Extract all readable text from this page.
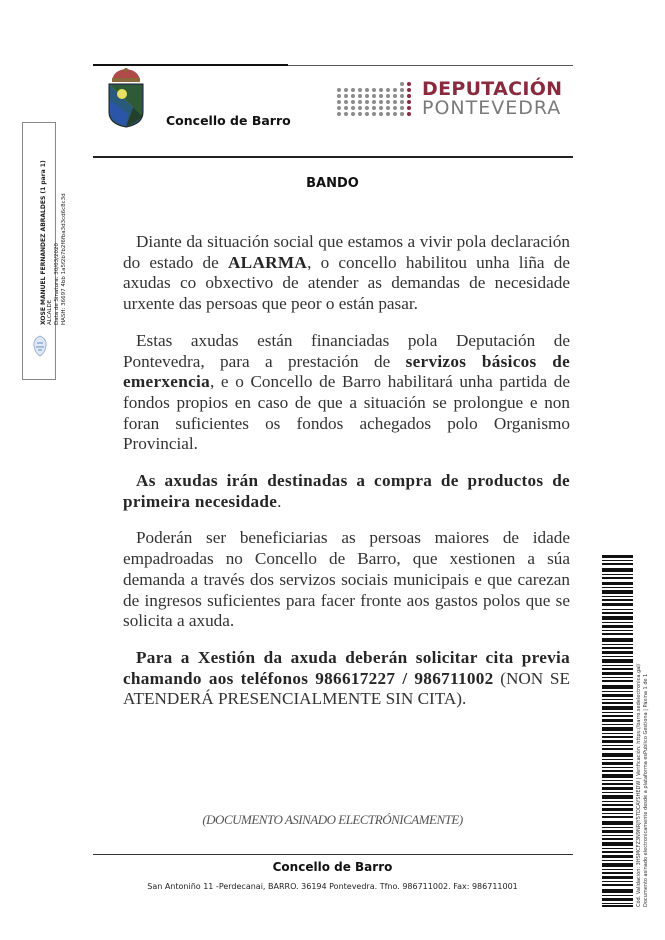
Concello de Barro
DEPUTACIÓN
PONTEVEDRA
BANDO

Diante da situación social que estamos a vivir pola declaración do estado de ALARMA, o concello habilitou unha liña de axudas co obxectivo de atender as demandas de necesidade urxente das persoas que peor o están pasar.

Estas axudas están financiadas pola Deputación de Pontevedra, para a prestación de servizos básicos de emerxencia, e o Concello de Barro habilitará unha partida de fondos propios en caso de que a situación se prolongue e non foran suficientes os fondos achegados polo Organismo Provincial.

As axudas irán destinadas a compra de productos de primeira necesidade.

Poderán ser beneficiarias as persoas maiores de idade empadroadas no Concello de Barro, que xestionen a súa demanda a través dos servizos sociais municipais e que carezan de ingresos suficientes para facer fronte aos gastos polos que se solicita a axuda.

Para a Xestión da axuda deberán solicitar cita previa chamando aos teléfonos 986617227 / 986711002 (NON SE ATENDERÁ PRESENCIALMENTE SIN CITA).

(DOCUMENTO ASINADO ELECTRÓNICAMENTE)
Concello de Barro
San Antoniño 11 -Perdecanai, BARRO. 36194 Pontevedra. Tfno. 986711002. Fax: 986711001
XOSE MANUEL FERNANDEZ ABRALDES (1 para 1) ALCALDE Data de Sinatura: 30/03/2020 HASH: 36697 4bb 1a5f2b7b2f6fba3d3cd6c8c3d
Cód. Validación: 3HSMCFZ3N9NRJY5TDCAYSHEDW | Verificación: https://barro.sedelectronica.gal/ Documento asinado electronicamente desde a plataforma esPublico Gestiona | Páxina 1 de 1
